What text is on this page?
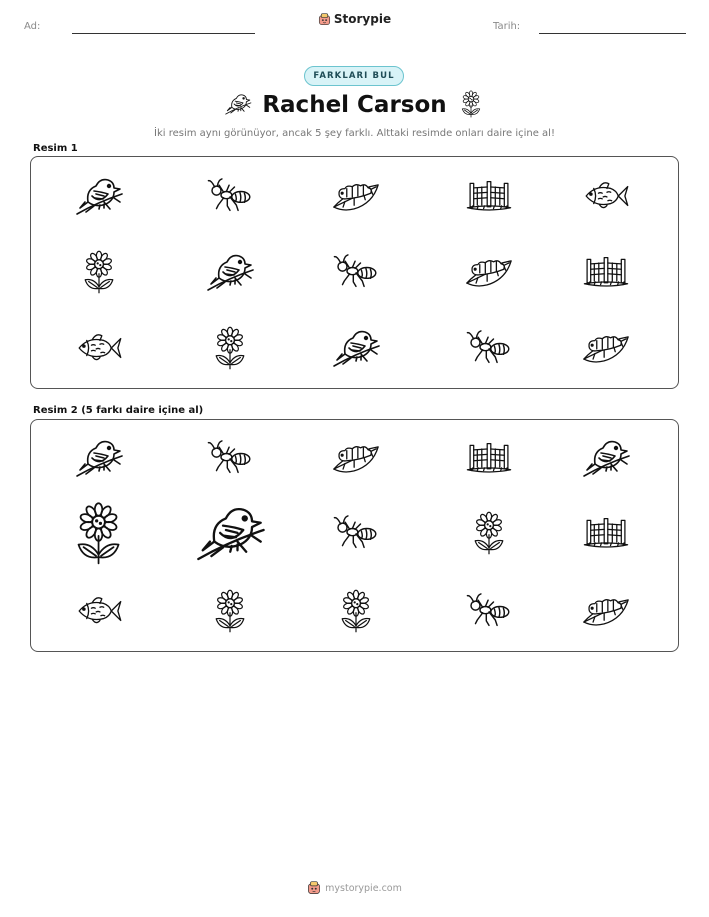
Ad:
Storypie
Tarih:
FARKLARI BUL
Rachel Carson
İki resim aynı görünüyor, ancak 5 şey farklı. Alttaki resimde onları daire içine al!
Resim 1
Resim 2 (5 farkı daire içine al)
mystorypie.com
